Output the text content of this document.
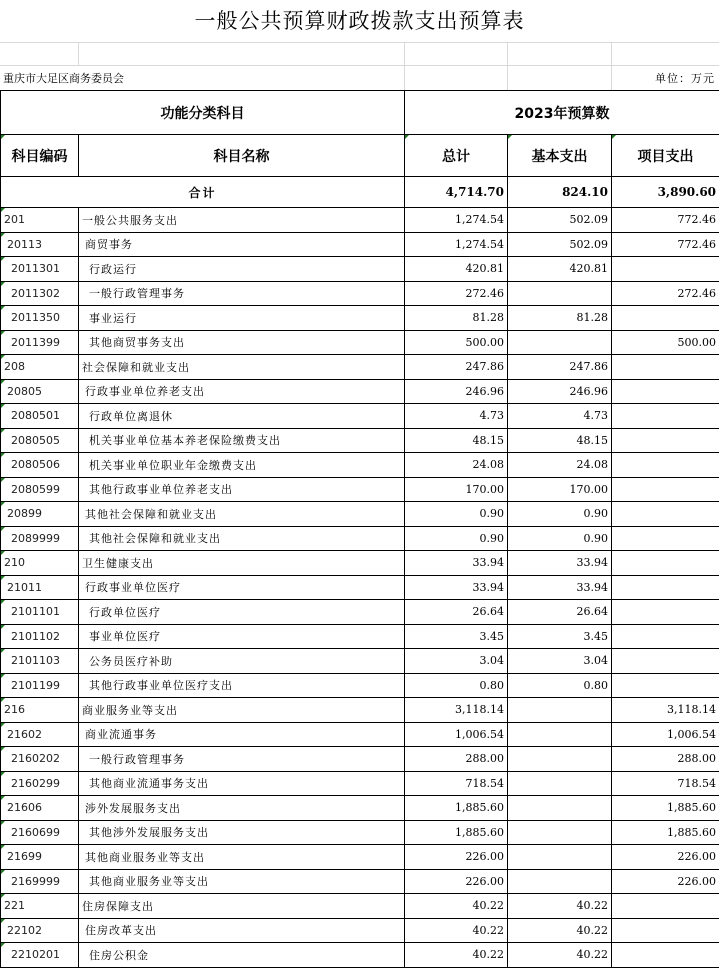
一般公共预算财政拨款支出预算表
重庆市大足区商务委员会	单位：万元
功能分类科目		2023年预算数		
科目编码	科目名称	总计	基本支出	项目支出
合计		4,714.70	824.10	3,890.60
201	一般公共服务支出	1,274.54	502.09	772.46
20113	商贸事务	1,274.54	502.09	772.46
2011301	行政运行	420.81	420.81	
2011302	一般行政管理事务	272.46		272.46
2011350	事业运行	81.28	81.28	
2011399	其他商贸事务支出	500.00		500.00
208	社会保障和就业支出	247.86	247.86	
20805	行政事业单位养老支出	246.96	246.96	
2080501	行政单位离退休	4.73	4.73	
2080505	机关事业单位基本养老保险缴费支出	48.15	48.15	
2080506	机关事业单位职业年金缴费支出	24.08	24.08	
2080599	其他行政事业单位养老支出	170.00	170.00	
20899	其他社会保障和就业支出	0.90	0.90	
2089999	其他社会保障和就业支出	0.90	0.90	
210	卫生健康支出	33.94	33.94	
21011	行政事业单位医疗	33.94	33.94	
2101101	行政单位医疗	26.64	26.64	
2101102	事业单位医疗	3.45	3.45	
2101103	公务员医疗补助	3.04	3.04	
2101199	其他行政事业单位医疗支出	0.80	0.80	
216	商业服务业等支出	3,118.14		3,118.14
21602	商业流通事务	1,006.54		1,006.54
2160202	一般行政管理事务	288.00		288.00
2160299	其他商业流通事务支出	718.54		718.54
21606	涉外发展服务支出	1,885.60		1,885.60
2160699	其他涉外发展服务支出	1,885.60		1,885.60
21699	其他商业服务业等支出	226.00		226.00
2169999	其他商业服务业等支出	226.00		226.00
221	住房保障支出	40.22	40.22	
22102	住房改革支出	40.22	40.22	
2210201	住房公积金	40.22	40.22	
